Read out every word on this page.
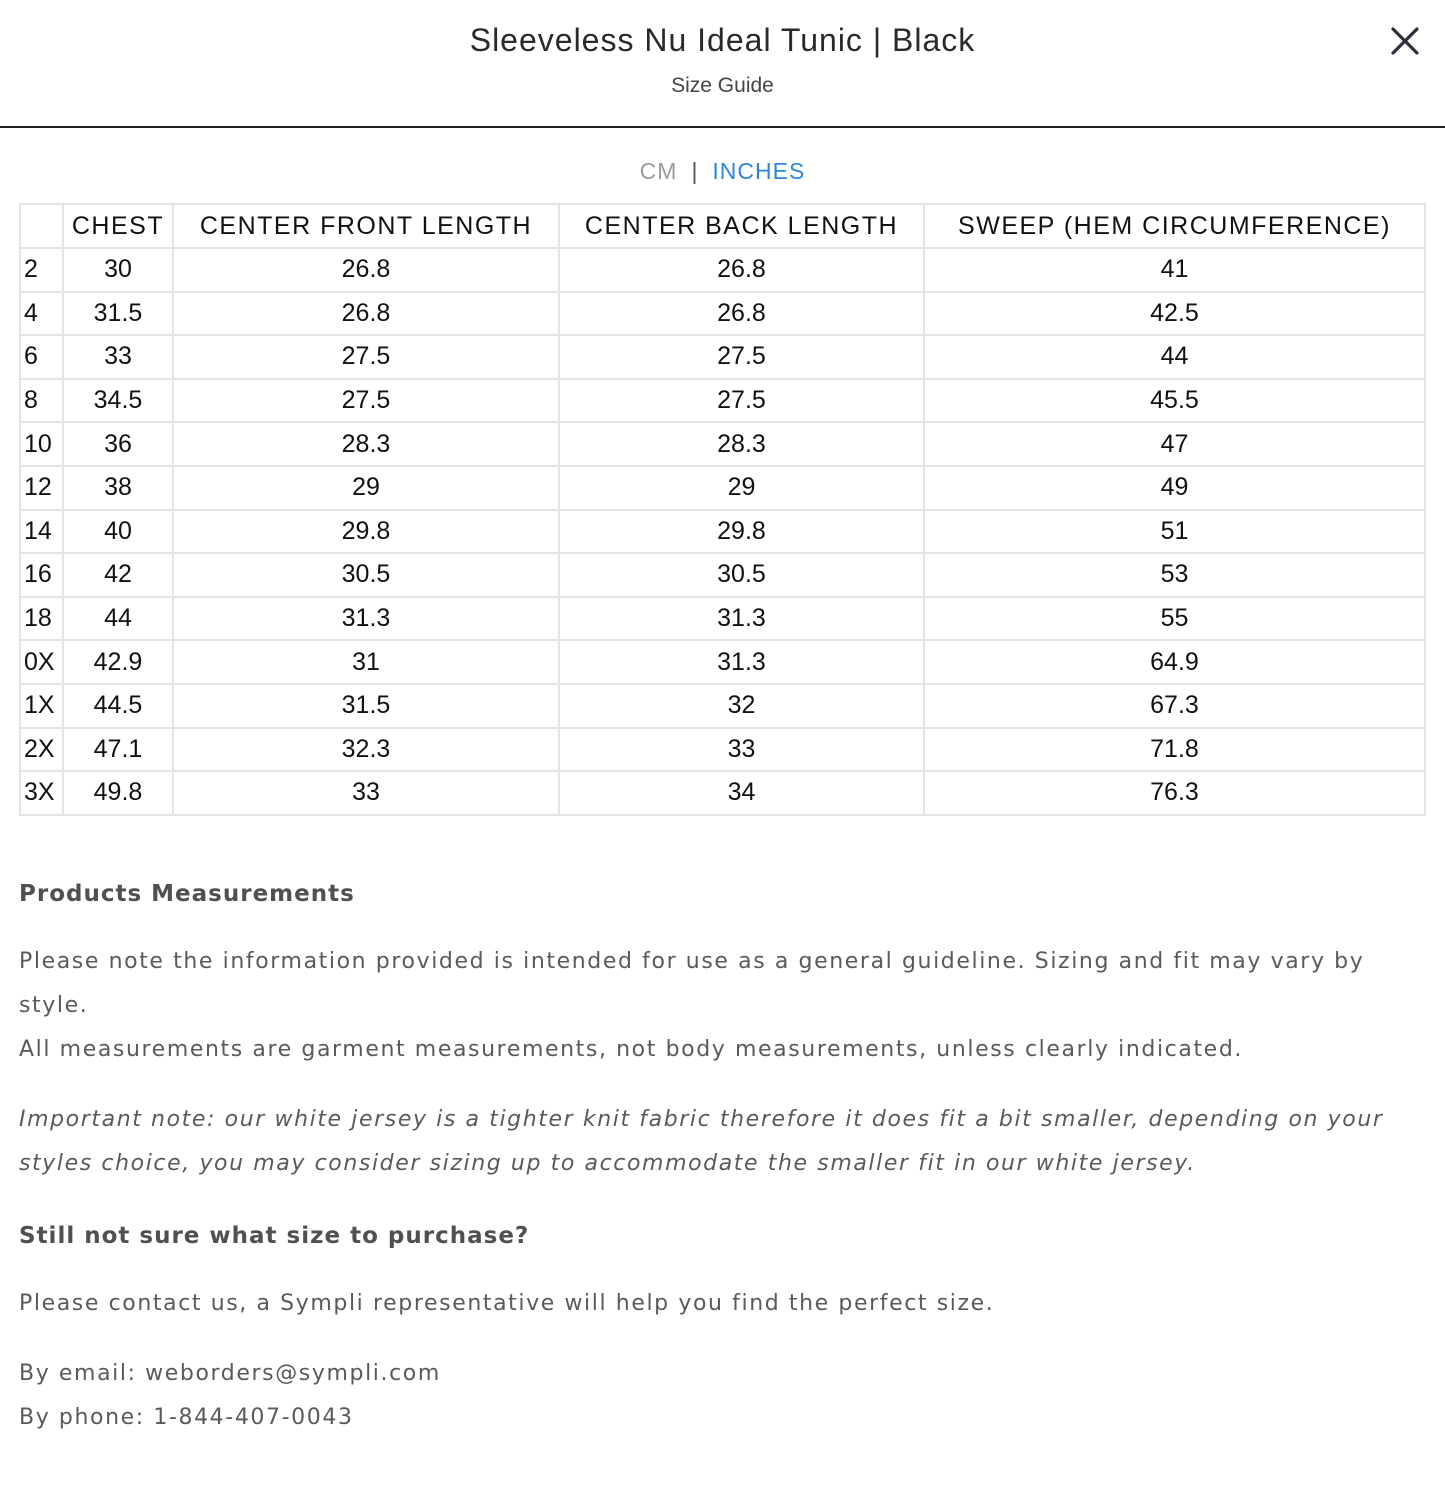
Sleeveless Nu Ideal Tunic | Black
Size Guide
CM | INCHES
	CHEST	CENTER FRONT LENGTH	CENTER BACK LENGTH	SWEEP (HEM CIRCUMFERENCE)
2	30	26.8	26.8	41
4	31.5	26.8	26.8	42.5
6	33	27.5	27.5	44
8	34.5	27.5	27.5	45.5
10	36	28.3	28.3	47
12	38	29	29	49
14	40	29.8	29.8	51
16	42	30.5	30.5	53
18	44	31.3	31.3	55
0X	42.9	31	31.3	64.9
1X	44.5	31.5	32	67.3
2X	47.1	32.3	33	71.8
3X	49.8	33	34	76.3

Products Measurements

Please note the information provided is intended for use as a general guideline. Sizing and fit may vary by style.

All measurements are garment measurements, not body measurements, unless clearly indicated.

Important note: our white jersey is a tighter knit fabric therefore it does fit a bit smaller, depending on your styles choice, you may consider sizing up to accommodate the smaller fit in our white jersey.

Still not sure what size to purchase?

Please contact us, a Sympli representative will help you find the perfect size.

By email: weborders@sympli.com

By phone: 1-844-407-0043
